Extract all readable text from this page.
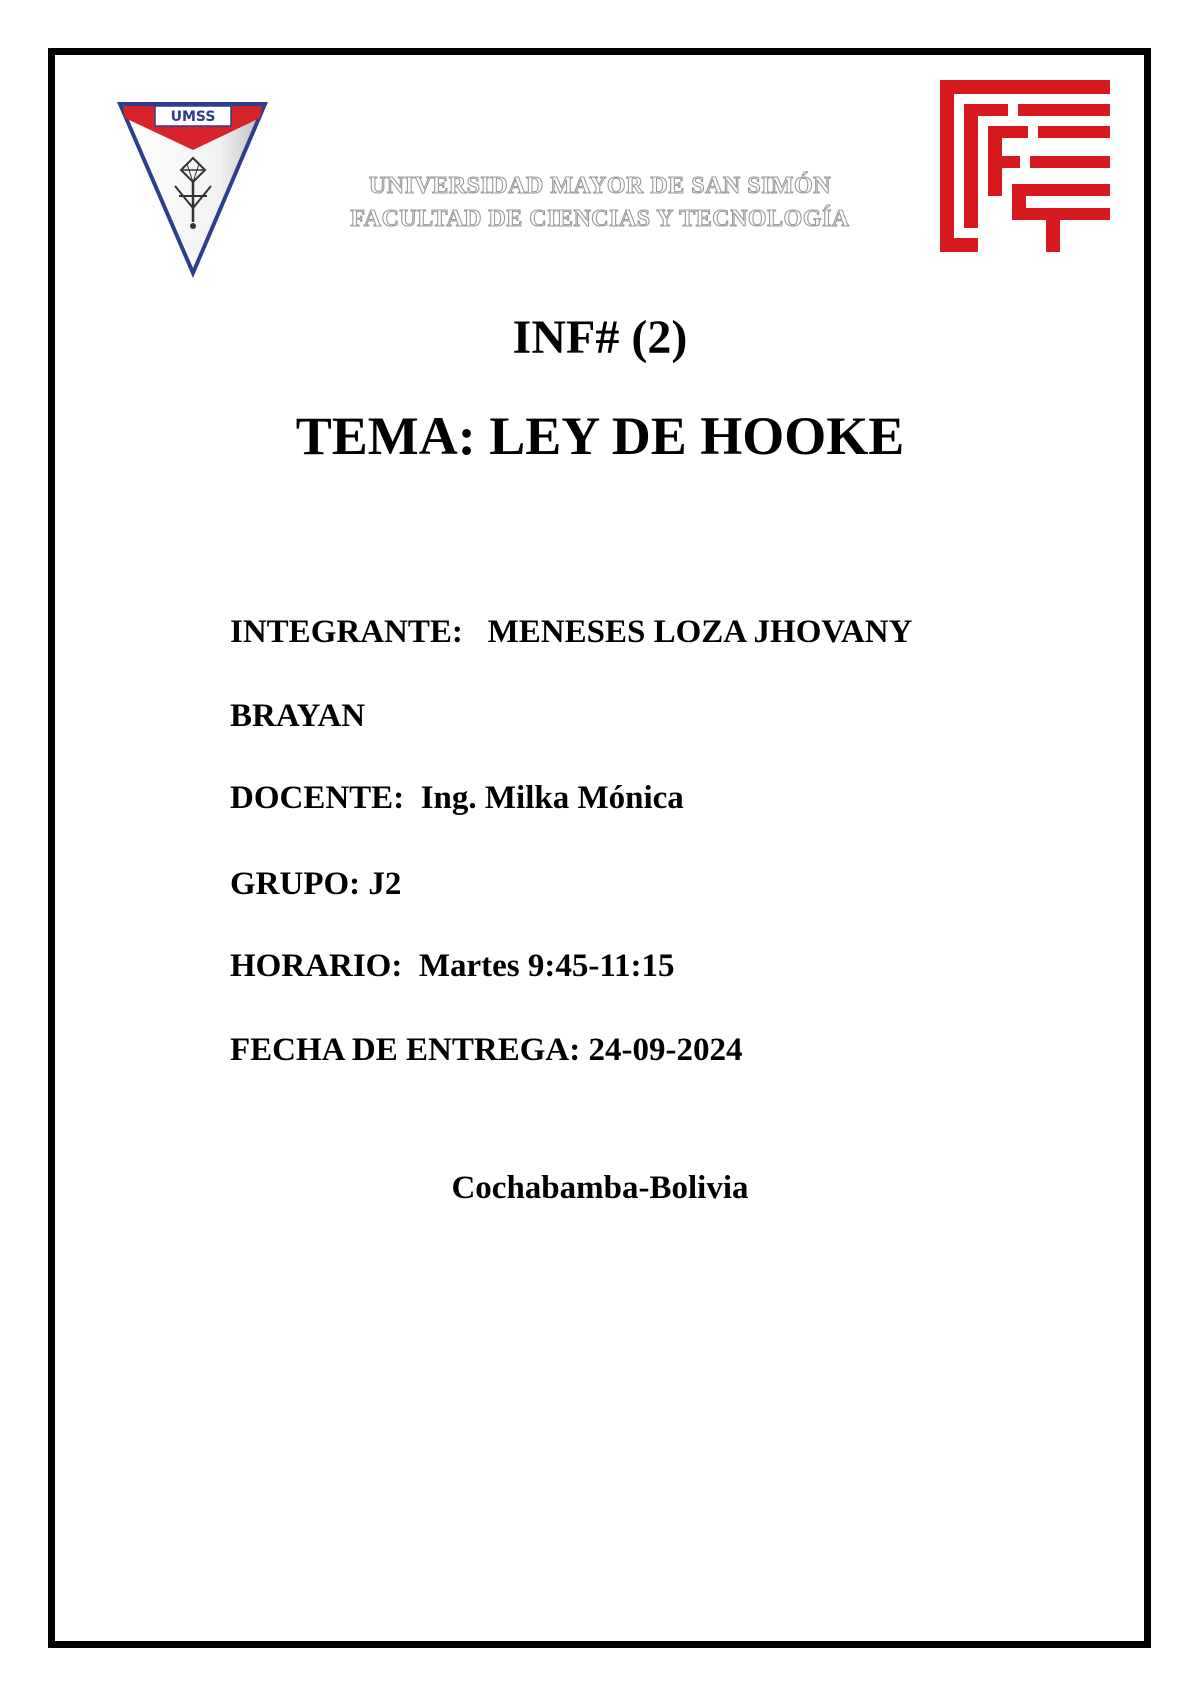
UMSS
UNIVERSIDAD MAYOR DE SAN SIMÓN
FACULTAD DE CIENCIAS Y TECNOLOGÍA
INF# (2)
TEMA: LEY DE HOOKE
INTEGRANTE: MENESES LOZA JHOVANY
BRAYAN
DOCENTE: Ing. Milka Mónica
GRUPO: J2
HORARIO: Martes 9:45-11:15
FECHA DE ENTREGA: 24-09-2024
Cochabamba-Bolivia
